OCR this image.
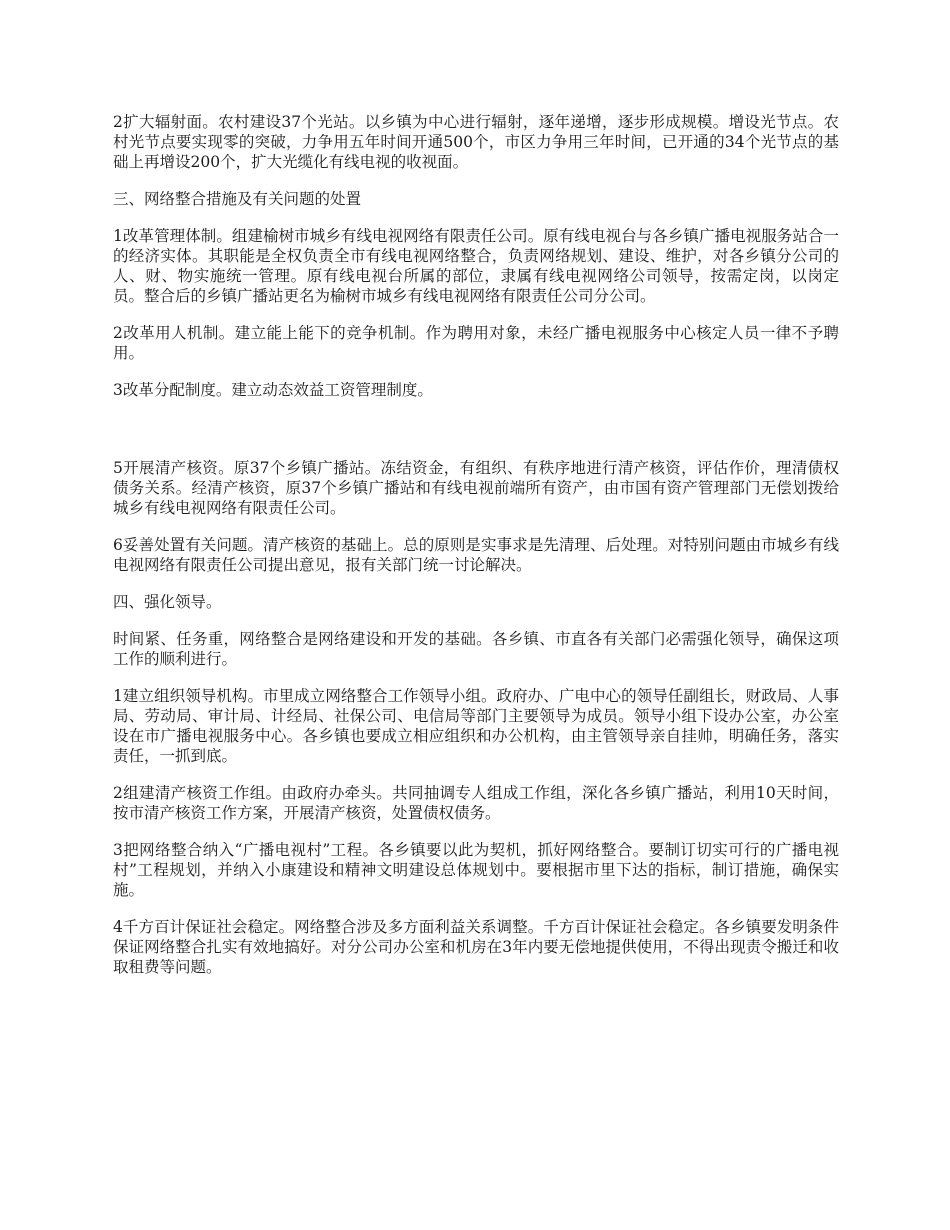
2扩大辐射面。农村建设37个光站。以乡镇为中心进行辐射，逐年递增，逐步形成规模。增设光节点。农村光节点要实现零的突破，力争用五年时间开通500个，市区力争用三年时间，已开通的34个光节点的基础上再增设200个，扩大光缆化有线电视的收视面。

三、网络整合措施及有关问题的处置

1改革管理体制。组建榆树市城乡有线电视网络有限责任公司。原有线电视台与各乡镇广播电视服务站合一的经济实体。其职能是全权负责全市有线电视网络整合，负责网络规划、建设、维护，对各乡镇分公司的人、财、物实施统一管理。原有线电视台所属的部位，隶属有线电视网络公司领导，按需定岗，以岗定员。整合后的乡镇广播站更名为榆树市城乡有线电视网络有限责任公司分公司。

2改革用人机制。建立能上能下的竞争机制。作为聘用对象，未经广播电视服务中心核定人员一律不予聘用。

3改革分配制度。建立动态效益工资管理制度。

5开展清产核资。原37个乡镇广播站。冻结资金，有组织、有秩序地进行清产核资，评估作价，理清债权债务关系。经清产核资，原37个乡镇广播站和有线电视前端所有资产，由市国有资产管理部门无偿划拨给城乡有线电视网络有限责任公司。

6妥善处置有关问题。清产核资的基础上。总的原则是实事求是先清理、后处理。对特别问题由市城乡有线电视网络有限责任公司提出意见，报有关部门统一讨论解决。

四、强化领导。

时间紧、任务重，网络整合是网络建设和开发的基础。各乡镇、市直各有关部门必需强化领导，确保这项工作的顺利进行。

1建立组织领导机构。市里成立网络整合工作领导小组。政府办、广电中心的领导任副组长，财政局、人事局、劳动局、审计局、计经局、社保公司、电信局等部门主要领导为成员。领导小组下设办公室，办公室设在市广播电视服务中心。各乡镇也要成立相应组织和办公机构，由主管领导亲自挂帅，明确任务，落实责任，一抓到底。

2组建清产核资工作组。由政府办牵头。共同抽调专人组成工作组，深化各乡镇广播站，利用10天时间，按市清产核资工作方案，开展清产核资，处置债权债务。

3把网络整合纳入“广播电视村”工程。各乡镇要以此为契机，抓好网络整合。要制订切实可行的广播电视村”工程规划，并纳入小康建设和精神文明建设总体规划中。要根据市里下达的指标，制订措施，确保实施。

4千方百计保证社会稳定。网络整合涉及多方面利益关系调整。千方百计保证社会稳定。各乡镇要发明条件保证网络整合扎实有效地搞好。对分公司办公室和机房在3年内要无偿地提供使用，不得出现责令搬迁和收取租费等问题。
